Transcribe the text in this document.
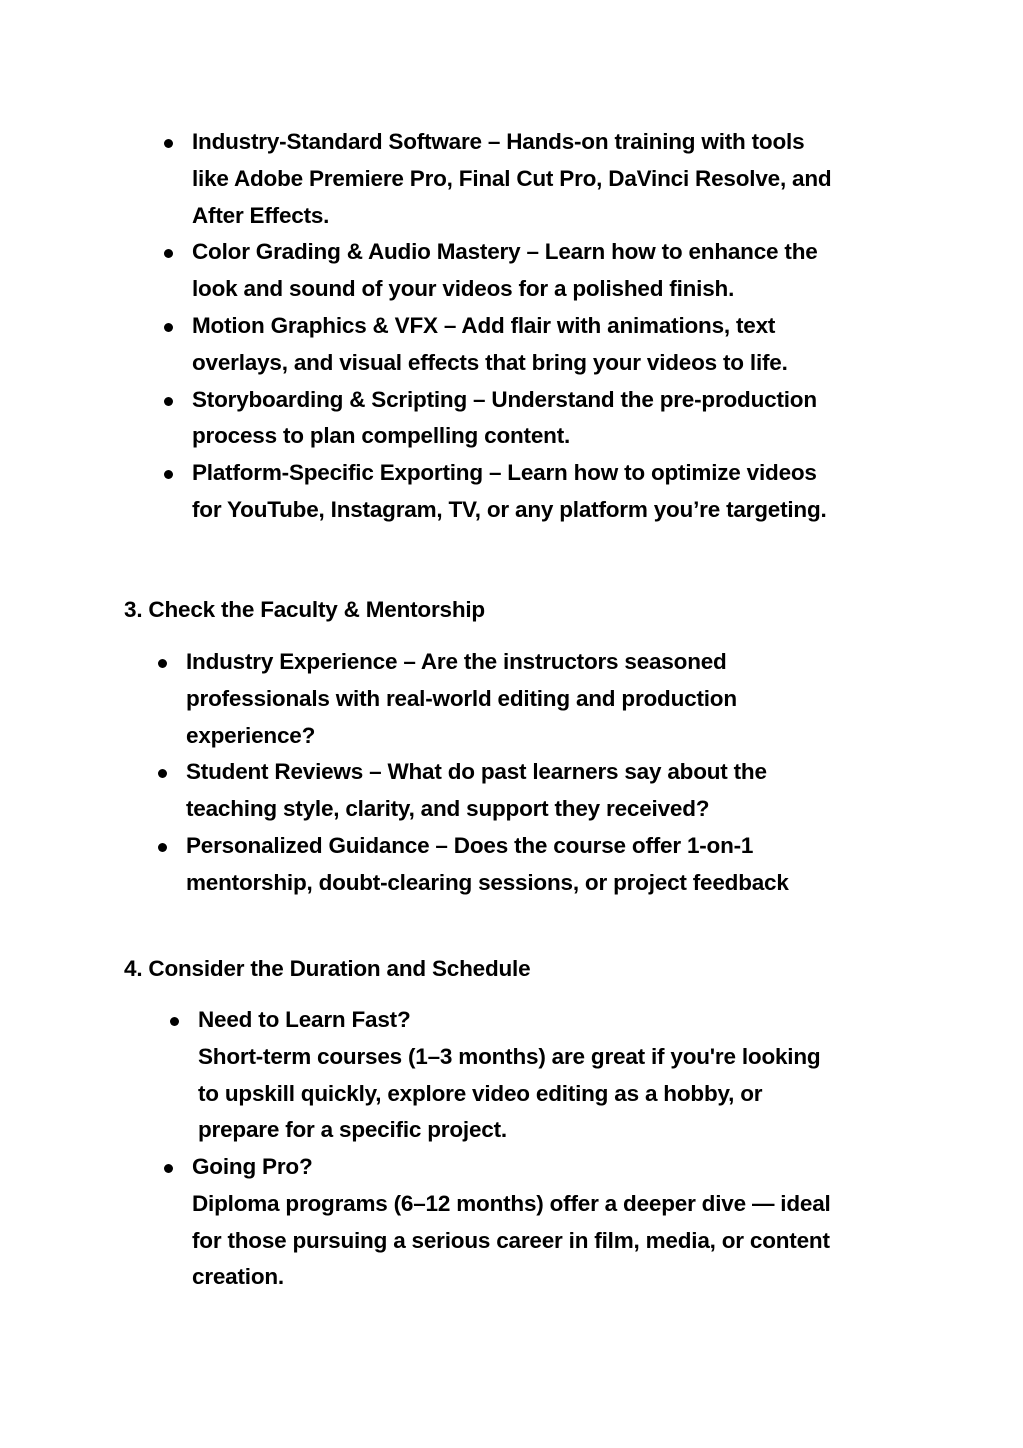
Industry-Standard Software – Hands-on training with tools
like Adobe Premiere Pro, Final Cut Pro, DaVinci Resolve, and
After Effects.
Color Grading & Audio Mastery – Learn how to enhance the
look and sound of your videos for a polished finish.
Motion Graphics & VFX – Add flair with animations, text
overlays, and visual effects that bring your videos to life.
Storyboarding & Scripting – Understand the pre-production
process to plan compelling content.
Platform-Specific Exporting – Learn how to optimize videos
for YouTube, Instagram, TV, or any platform you’re targeting.
3. Check the Faculty & Mentorship
Industry Experience – Are the instructors seasoned
professionals with real-world editing and production
experience?
Student Reviews – What do past learners say about the
teaching style, clarity, and support they received?
Personalized Guidance – Does the course offer 1-on-1
mentorship, doubt-clearing sessions, or project feedback
4. Consider the Duration and Schedule
Need to Learn Fast?
Short-term courses (1–3 months) are great if you're looking
to upskill quickly, explore video editing as a hobby, or
prepare for a specific project.
Going Pro?
Diploma programs (6–12 months) offer a deeper dive — ideal
for those pursuing a serious career in film, media, or content
creation.
